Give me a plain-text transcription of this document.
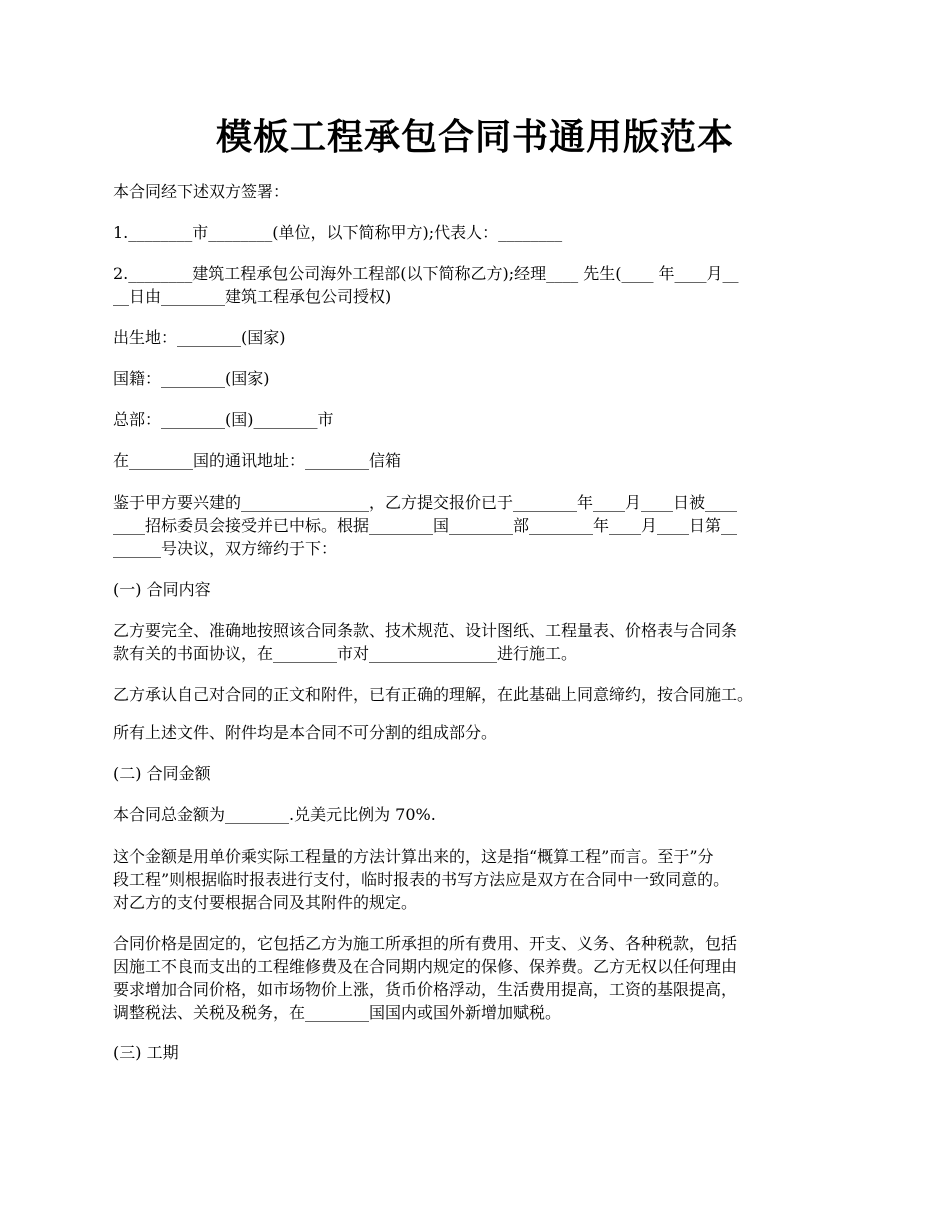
模板工程承包合同书通用版范本
本合同经下述双方签署：
1.________市________(单位，以下简称甲方);代表人：________
2.________建筑工程承包公司海外工程部(以下简称乙方);经理____ 先生(____ 年____月__
__日由________建筑工程承包公司授权)
出生地：________(国家)
国籍：________(国家)
总部：________(国)________市
在________国的通讯地址：________信箱
鉴于甲方要兴建的________________，乙方提交报价已于________年____月____日被____
____招标委员会接受并已中标。根据________国________部________年____月____日第__
______号决议，双方缔约于下：
(一) 合同内容
乙方要完全、准确地按照该合同条款、技术规范、设计图纸、工程量表、价格表与合同条
款有关的书面协议，在________市对________________进行施工。
乙方承认自己对合同的正文和附件，已有正确的理解，在此基础上同意缔约，按合同施工。
所有上述文件、附件均是本合同不可分割的组成部分。
(二) 合同金额
本合同总金额为________.兑美元比例为 70%.
这个金额是用单价乘实际工程量的方法计算出来的，这是指“概算工程”而言。至于”分
段工程”则根据临时报表进行支付，临时报表的书写方法应是双方在合同中一致同意的。
对乙方的支付要根据合同及其附件的规定。
合同价格是固定的，它包括乙方为施工所承担的所有费用、开支、义务、各种税款，包括
因施工不良而支出的工程维修费及在合同期内规定的保修、保养费。乙方无权以任何理由
要求增加合同价格，如市场物价上涨，货币价格浮动，生活费用提高，工资的基限提高，
调整税法、关税及税务，在________国国内或国外新增加赋税。
(三) 工期
